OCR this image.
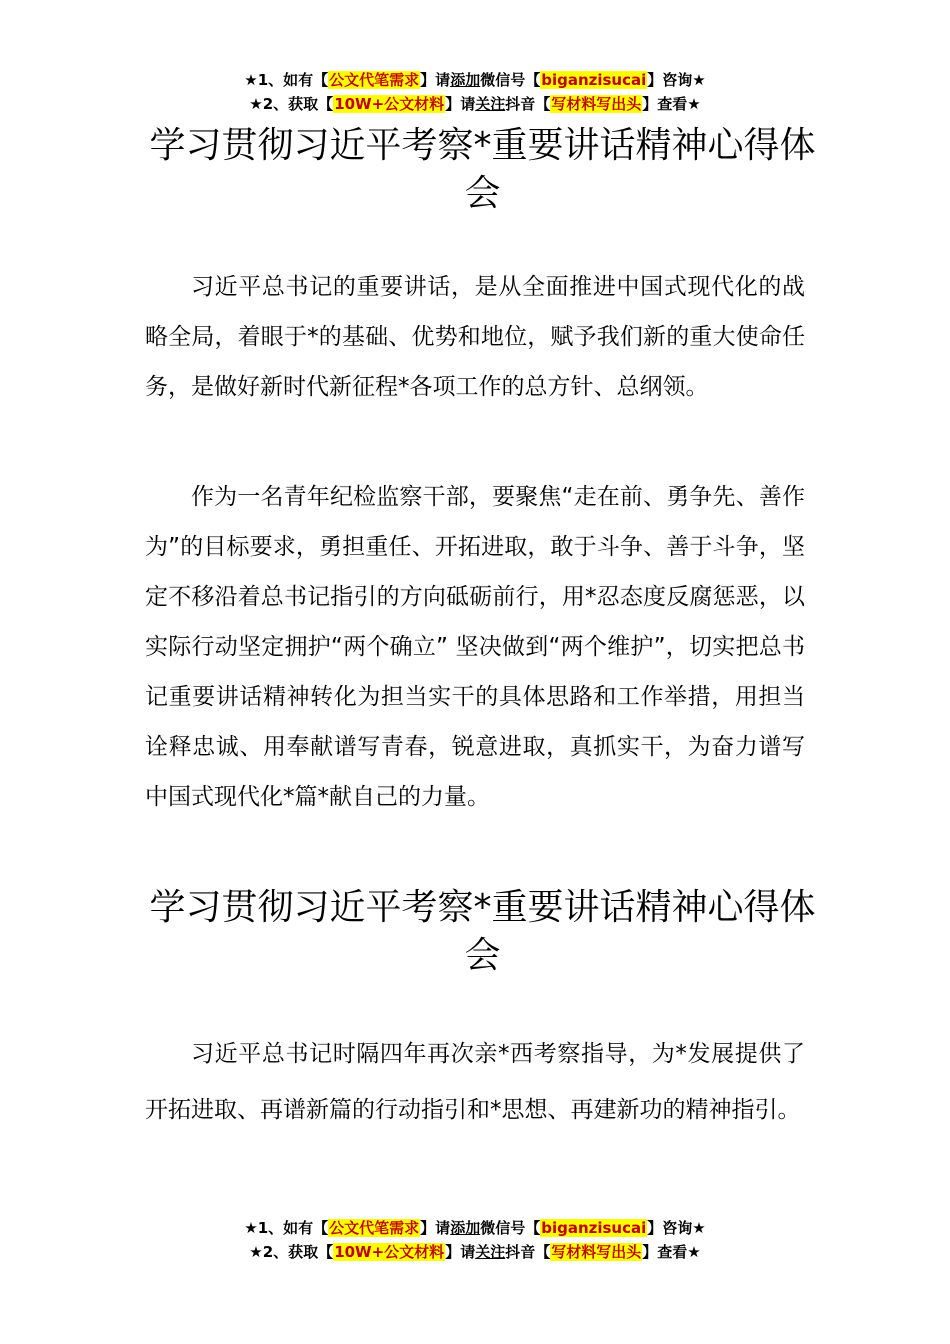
★1、如有【公文代笔需求】请添加微信号【biganzisucai】咨询★
★2、获取【10W+公文材料】请关注抖音【写材料写出头】查看★
学习贯彻习近平考察*重要讲话精神心得体会

习近平总书记的重要讲话，是从全面推进中国式现代化的战略全局，着眼于*的基础、优势和地位，赋予我们新的重大使命任务，是做好新时代新征程*各项工作的总方针、总纲领。

作为一名青年纪检监察干部，要聚焦“走在前、勇争先、善作为”的目标要求，勇担重任、开拓进取，敢于斗争、善于斗争，坚定不移沿着总书记指引的方向砥砺前行，用*忍态度反腐惩恶，以实际行动坚定拥护“两个确立” 坚决做到“两个维护”，切实把总书记重要讲话精神转化为担当实干的具体思路和工作举措，用担当诠释忠诚、用奉献谱写青春，锐意进取，真抓实干，为奋力谱写中国式现代化*篇*献自己的力量。

学习贯彻习近平考察*重要讲话精神心得体会

习近平总书记时隔四年再次亲*西考察指导，为*发展提供了开拓进取、再谱新篇的行动指引和*思想、再建新功的精神指引。

★1、如有【公文代笔需求】请添加微信号【biganzisucai】咨询★
★2、获取【10W+公文材料】请关注抖音【写材料写出头】查看★
